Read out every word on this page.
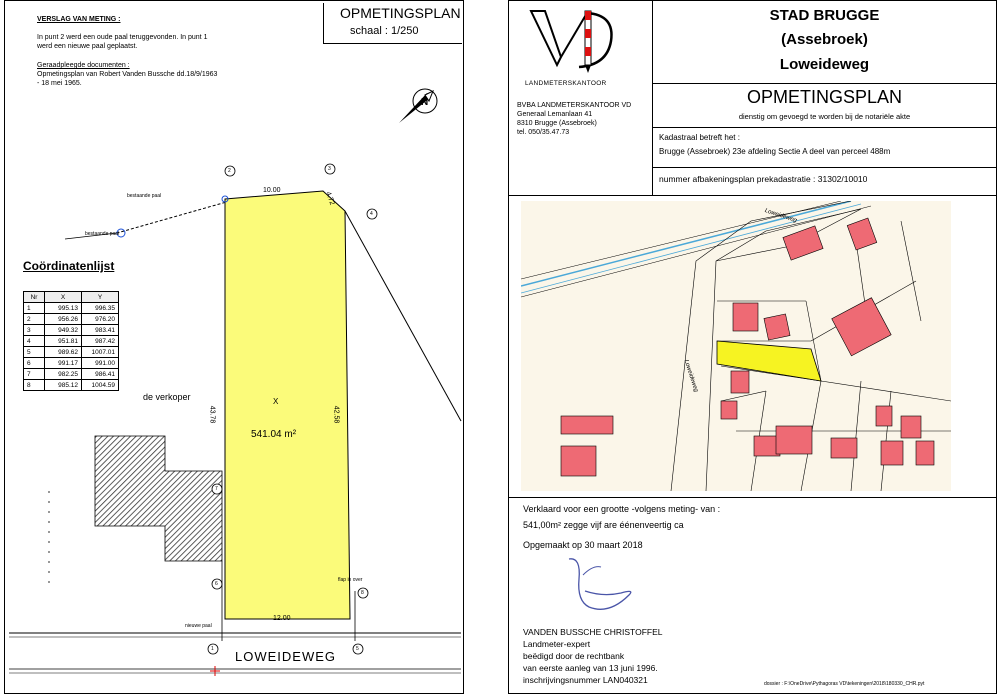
OPMETINGSPLAN
schaal : 1/250
VERSLAG VAN METING :
In punt 2 werd een oude paal teruggevonden. In punt 1
werd een nieuwe paal geplaatst.
Geraadpleegde documenten :
Opmetingsplan van Robert Vanden Bussche dd.18/9/1963
- 18 mei 1965.
N
2	3
4
7
6
8
1	5
10.00
4.72
43.78	42.58
12.00
X
541.04 m²
de verkoper
bestaande paal
bestaande paal
nieuwe paal
flap in over
Coördinatenlijst
Nr	X	Y
1	995.13	996.35
2	956.26	976.20
3	949.32	983.41
4	951.81	987.42
5	989.62	1007.01
6	991.17	991.00
7	982.25	986.41
8	985.12	1004.59
LOWEIDEWEG
LANDMETERSKANTOOR
BVBA LANDMETERSKANTOOR VD
Generaal Lemanlaan 41
8310 Brugge (Assebroek)
tel. 050/35.47.73
STAD BRUGGE
(Assebroek)
Loweideweg
OPMETINGSPLAN
dienstig om gevoegd te worden bij de notariële akte
Kadastraal betreft het :
Brugge (Assebroek) 23e afdeling Sectie A deel van perceel 488m
nummer afbakeningsplan prekadastratie : 31302/10010
Loweideweg
Loweideweg
Verklaard voor een grootte -volgens meting- van :
541,00m² zegge vijf are éénenveertig ca
Opgemaakt op 30 maart 2018
VANDEN BUSSCHE CHRISTOFFEL
Landmeter-expert
beëdigd door de rechtbank
van eerste aanleg van 13 juni 1996.
inschrijvingsnummer LAN040321	dossier : F:\OneDrive\Pythagoras VD\tekeningen\2018\180330_CHR.pyt
